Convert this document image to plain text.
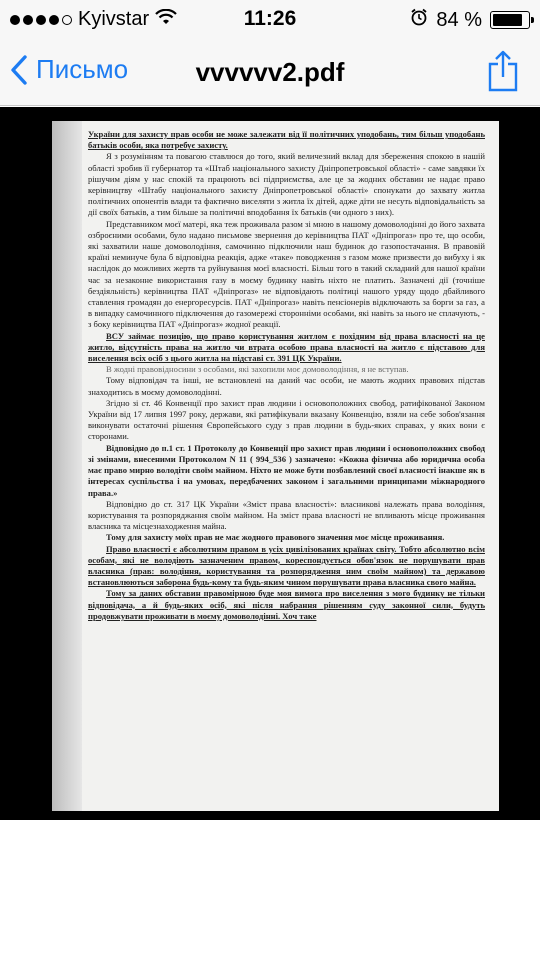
Kyivstar	11:26	84 %
Письмо	vvvvvv2.pdf

України для захисту прав особи не може залежати від її політичних уподобань, тим більш уподобань батьків особи, яка потребує захисту.

Я з розумінням та повагою ставлюся до того, який величезний вклад для збереження спокою в нашій області зробив її губернатор та «Штаб національного захисту Дніпропетровської області» - саме завдяки їх рішучим діям у нас спокій та працюють всі підприємства, але це за жодних обставин не надає право керівництву «Штабу національного захисту Дніпропетровської області» спонукати до захвату житла політичних опонентів влади та фактично виселяти з житла їх дітей, адже діти не несуть відповідальність за дії своїх батьків, а тим більше за політичні вподобання їх батьків (чи одного з них).

Представником моєї матері, яка теж проживала разом зі мною в нашому домоволодінні до його захвата озброєними особами, було надано письмове звернення до керівництва ПАТ «Дніпрогаз» про те, що особи, які захватили наше домоволодіння, самочинно підключили наш будинок до газопостачання. В правовій країні неминуче була б відповідна реакція, адже «таке» поводження з газом може призвести до вибуху і як наслідок до можливих жертв та руйнування моєї власності. Більш того в такий складний для нашої країни час за незаконне використання газу в моєму будинку навіть ніхто не платить. Зазначені дії (точніше бездіяльність) керівництва ПАТ «Дніпрогаз» не відповідають політиці нашого уряду щодо дбайливого ставлення громадян до енергоресурсів. ПАТ «Дніпрогаз» навіть пенсіонерів відключають за борги за газ, а в випадку самочинного підключення до газомережі сторонніми особами, які навіть за нього не сплачують, - з боку керівництва ПАТ «Дніпрогаз» жодної реакції.

ВСУ займає позицію, що право користування житлом є похідним від права власності на це житло, відсутність права на житло чи втрата особою права власності на житло є підставою для виселення всіх осіб з цього житла на підставі ст. 391 ЦК України.

В жодні правовідносини з особами, які захопили моє домоволодіння, я не вступав.

Тому відповідач та інші, не встановлені на даний час особи, не мають жодних правових підстав знаходитись в моєму домоволодінні.

Згідно зі ст. 46 Конвенції про захист прав людини і основоположних свобод, ратифікованої Законом України від 17 липня 1997 року, держави, які ратифікували вказану Конвенцію, взяли на себе зобов'язання виконувати остаточні рішення Європейського суду з прав людини в будь-яких справах, у яких вони є сторонами.

Відповідно до п.1 ст. 1 Протоколу до Конвенції про захист прав людини і основоположних свобод зі змінами, внесеними Протоколом N 11 ( 994_536 ) зазначено: «Кожна фізична або юридична особа має право мирно володіти своїм майном. Ніхто не може бути позбавлений своєї власності інакше як в інтересах суспільства і на умовах, передбачених законом і загальними принципами міжнародного права.»

Відповідно до ст. 317 ЦК України «Зміст права власності»: власникові належать права володіння, користування та розпоряджання своїм майном. На зміст права власності не впливають місце проживання власника та місцезнаходження майна.

Тому для захисту моїх прав не має жодного правового значення моє місце проживання.

Право власності є абсолютним правом в усіх цивілізованих країнах світу. Тобто абсолютно всім особам, які не володіють зазначеним правом, кореспондується обов'язок не порушувати прав власника (прав: володіння, користування та розпорядження ним своїм майном) та державою встановлюються заборона будь-кому та будь-яким чином порушувати права власника свого майна.

Тому за даних обставин правомірною буде моя вимога про виселення з мого будинку не тільки відповідача, а й будь-яких осіб, які після набрання рішенням суду законної сили, будуть продовжувати проживати в моєму домоволодінні. Хоч таке
